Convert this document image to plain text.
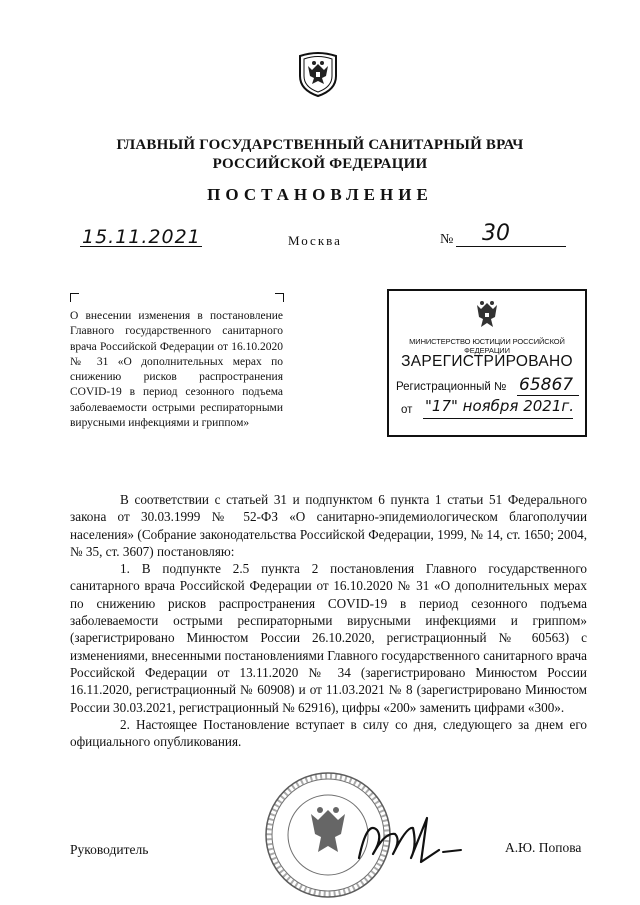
ГЛАВНЫЙ ГОСУДАРСТВЕННЫЙ САНИТАРНЫЙ ВРАЧ
РОССИЙСКОЙ ФЕДЕРАЦИИ
ПОСТАНОВЛЕНИЕ
15.11.2021	Москва	№ 30
О внесении изменения в постановление Главного государственного санитарного врача Российской Федерации от 16.10.2020 № 31 «О дополнительных мерах по снижению рисков распространения COVID-19 в период сезонного подъема заболеваемости острыми респираторными вирусными инфекциями и гриппом»
МИНИСТЕРСТВО ЮСТИЦИИ РОССИЙСКОЙ ФЕДЕРАЦИИ
ЗАРЕГИСТРИРОВАНО
Регистрационный № 65867
от "17" ноября 2021г.

В соответствии с статьей 31 и подпунктом 6 пункта 1 статьи 51 Федерального закона от 30.03.1999 № 52-ФЗ «О санитарно-эпидемиологическом благополучии населения» (Собрание законодательства Российской Федерации, 1999, № 14, ст. 1650; 2004, № 35, ст. 3607) постановляю:

1. В подпункте 2.5 пункта 2 постановления Главного государственного санитарного врача Российской Федерации от 16.10.2020 № 31 «О дополнительных мерах по снижению рисков распространения COVID-19 в период сезонного подъема заболеваемости острыми респираторными вирусными инфекциями и гриппом» (зарегистрировано Минюстом России 26.10.2020, регистрационный № 60563) с изменениями, внесенными постановлениями Главного государственного санитарного врача Российской Федерации от 13.11.2020 № 34 (зарегистрировано Минюстом России 16.11.2020, регистрационный № 60908) и от 11.03.2021 № 8 (зарегистрировано Минюстом России 30.03.2021, регистрационный № 62916), цифры «200» заменить цифрами «300».

2. Настоящее Постановление вступает в силу со дня, следующего за днем его официального опубликования.

Руководитель	А.Ю. Попова
